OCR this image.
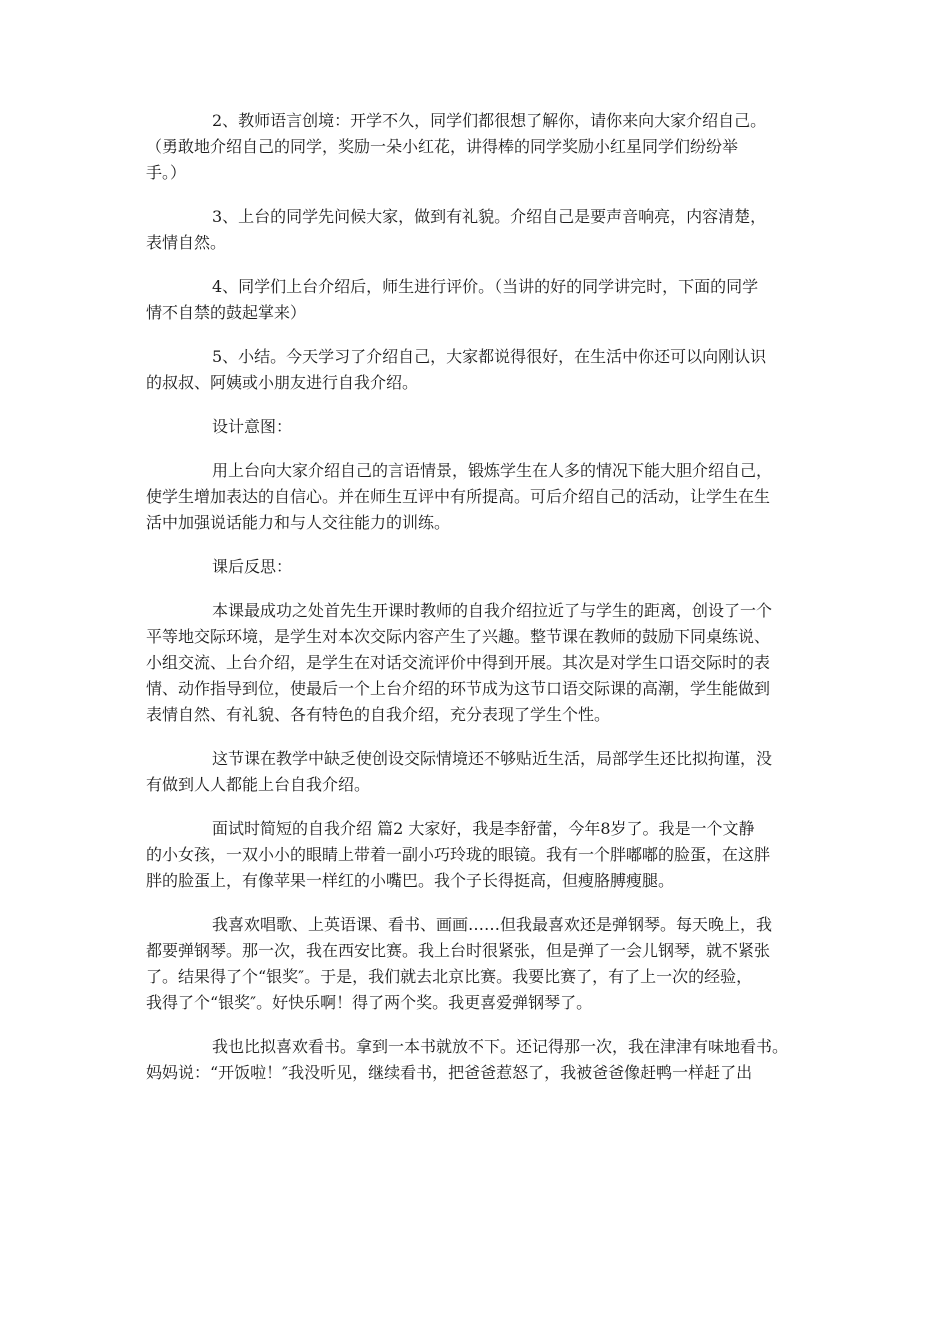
2、教师语言创境：开学不久，同学们都很想了解你，请你来向大家介绍自己。
（勇敢地介绍自己的同学，奖励一朵小红花，讲得棒的同学奖励小红星同学们纷纷举
手。）

3、上台的同学先问候大家，做到有礼貌。介绍自己是要声音响亮，内容清楚，
表情自然。

4、同学们上台介绍后，师生进行评价。（当讲的好的同学讲完时，下面的同学
情不自禁的鼓起掌来）

5、小结。今天学习了介绍自己，大家都说得很好，在生活中你还可以向刚认识
的叔叔、阿姨或小朋友进行自我介绍。

设计意图：

用上台向大家介绍自己的言语情景，锻炼学生在人多的情况下能大胆介绍自己，
使学生增加表达的自信心。并在师生互评中有所提高。可后介绍自己的活动，让学生在生
活中加强说话能力和与人交往能力的训练。

课后反思：

本课最成功之处首先生开课时教师的自我介绍拉近了与学生的距离，创设了一个
平等地交际环境，是学生对本次交际内容产生了兴趣。整节课在教师的鼓励下同桌练说、
小组交流、上台介绍，是学生在对话交流评价中得到开展。其次是对学生口语交际时的表
情、动作指导到位，使最后一个上台介绍的环节成为这节口语交际课的高潮，学生能做到
表情自然、有礼貌、各有特色的自我介绍，充分表现了学生个性。

这节课在教学中缺乏使创设交际情境还不够贴近生活，局部学生还比拟拘谨，没
有做到人人都能上台自我介绍。

面试时简短的自我介绍 篇2 大家好，我是李舒蕾，今年8岁了。我是一个文静
的小女孩，一双小小的眼睛上带着一副小巧玲珑的眼镜。我有一个胖嘟嘟的脸蛋，在这胖
胖的脸蛋上，有像苹果一样红的小嘴巴。我个子长得挺高，但瘦胳膊瘦腿。

我喜欢唱歌、上英语课、看书、画画……但我最喜欢还是弹钢琴。每天晚上，我
都要弹钢琴。那一次，我在西安比赛。我上台时很紧张，但是弹了一会儿钢琴，就不紧张
了。结果得了个“银奖″。于是，我们就去北京比赛。我要比赛了，有了上一次的经验，
我得了个“银奖″。好快乐啊！得了两个奖。我更喜爱弹钢琴了。

我也比拟喜欢看书。拿到一本书就放不下。还记得那一次，我在津津有味地看书。
妈妈说：“开饭啦！″我没听见，继续看书，把爸爸惹怒了，我被爸爸像赶鸭一样赶了出
